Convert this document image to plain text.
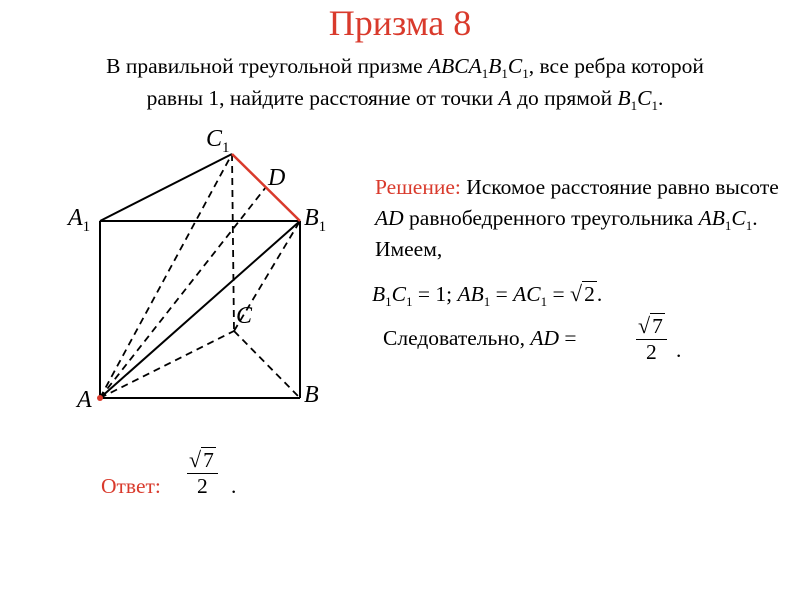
Призма 8
В правильной треугольной призме $ABCA_1B_1C_1$, все ребра которой
равны 1, найдите расстояние от точки A до прямой $B_1C_1$.
Решение: Искомое расстояние равно высоте AD равнобедренного треугольника $AB_1C_1$. Имеем,
$B_1C_1 = 1$; $AB_1 = AC_1 = √2$.
Следовательно, AD =	√7
2 .
Ответ:
√7
2	.
A	B
C
D
$A_1$	$B_1$
$C_1$
